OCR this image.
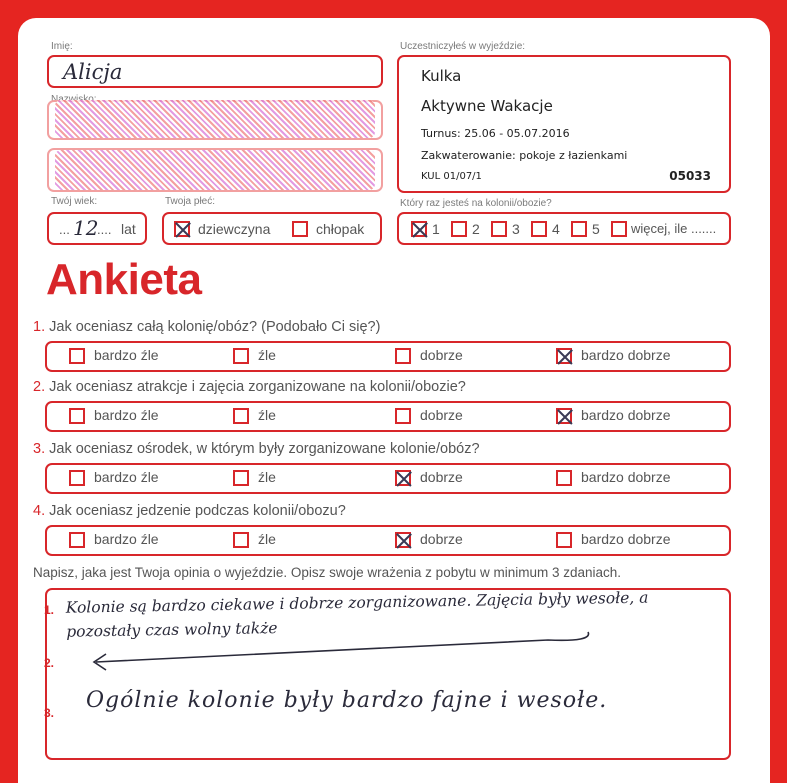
Imię:
Alicja
Twój wiek:
... 12
.... lat
Twoja płeć:
dziewczyna	chłopak
Uczestniczyłeś w wyjeździe:
Kulka
Aktywne Wakacje
Turnus: 25.06 - 05.07.2016
Zakwaterowanie: pokoje z łazienkami
KUL 01/07/1	05033
Który raz jesteś na kolonii/obozie?
1 2 3 4 5 więcej, ile .......
Ankieta
1. Jak oceniasz całą kolonię/obóz? (Podobało Ci się?)
bardzo źle	źle	dobrze	bardzo dobrze
2. Jak oceniasz atrakcje i zajęcia zorganizowane na kolonii/obozie?
bardzo źle	źle	dobrze	bardzo dobrze
3. Jak oceniasz ośrodek, w którym były zorganizowane kolonie/obóz?
bardzo źle	źle	dobrze	bardzo dobrze
4. Jak oceniasz jedzenie podczas kolonii/obozu?
bardzo źle	źle	dobrze	bardzo dobrze
Napisz, jaka jest Twoja opinia o wyjeździe. Opisz swoje wrażenia z pobytu w minimum 3 zdaniach.
1.
2.
3.
Kolonie są bardzo ciekawe i dobrze zorganizowane. Zajęcia były wesołe, a pozostały czas wolny także
Ogólnie kolonie były bardzo fajne i wesołe.
